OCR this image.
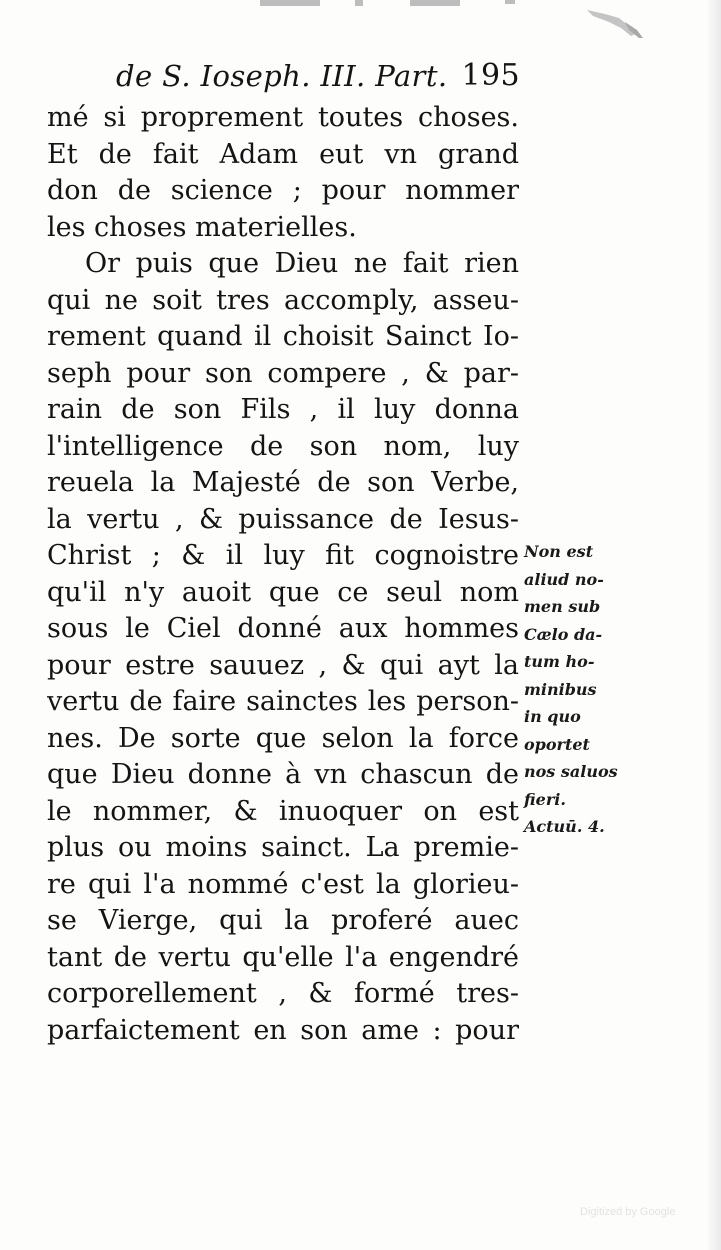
de S. Ioseph. III. Part. 195
mé si proprement toutes choses.
Et de fait Adam eut vn grand
don de science ; pour nommer
les choses materielles.
Or puis que Dieu ne fait rien
qui ne soit tres accomply, asseu-
rement quand il choisit Sainct Io-
seph pour son compere , & par-
rain de son Fils , il luy donna
l'intelligence de son nom, luy
reuela la Majesté de son Verbe,
la vertu , & puissance de Iesus-
Christ ; & il luy fit cognoistre
qu'il n'y auoit que ce seul nom
sous le Ciel donné aux hommes
pour estre sauuez , & qui ayt la
vertu de faire sainctes les person-
nes. De sorte que selon la force
que Dieu donne à vn chascun de
le nommer, & inuoquer on est
plus ou moins sainct. La premie-
re qui l'a nommé c'est la glorieu-
se Vierge, qui la proferé auec
tant de vertu qu'elle l'a engendré
corporellement , & formé tres-
parfaictement en son ame : pour
Non est
aliud no-
men sub
Cælo da-
tum ho-
minibus
in quo
oportet
nos saluos
fieri.
Actuū. 4.
Digitized by Google
